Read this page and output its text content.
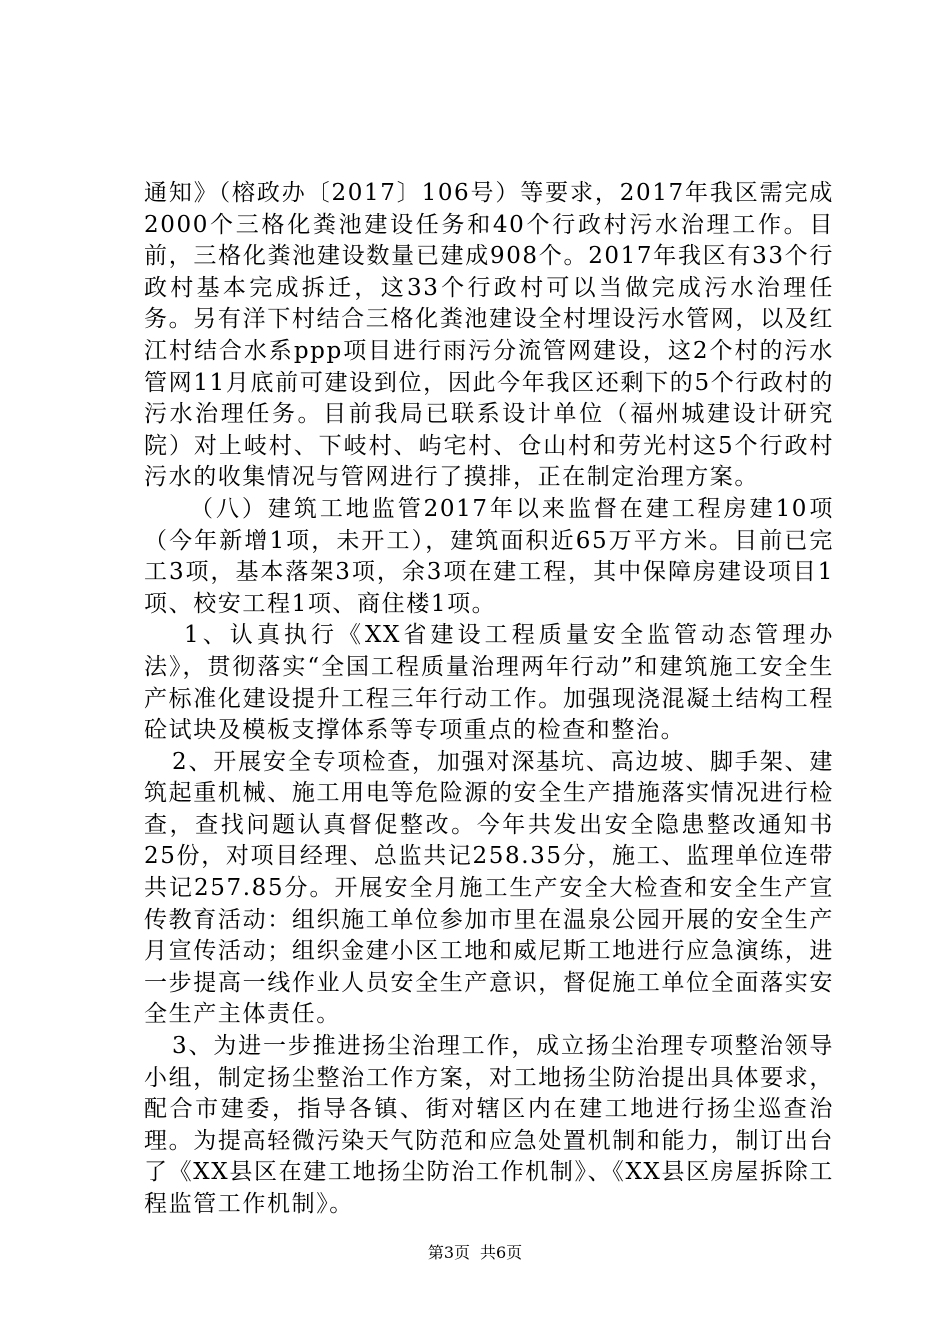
通知》（榕政办〔2017〕106号）等要求，2017年我区需完成2000个三格化粪池建设任务和40个行政村污水治理工作。目前，三格化粪池建设数量已建成908个。2017年我区有33个行政村基本完成拆迁，这33个行政村可以当做完成污水治理任务。另有洋下村结合三格化粪池建设全村埋设污水管网，以及红江村结合水系ppp项目进行雨污分流管网建设，这2个村的污水管网11月底前可建设到位，因此今年我区还剩下的5个行政村的污水治理任务。目前我局已联系设计单位（福州城建设计研究院）对上岐村、下岐村、屿宅村、仓山村和劳光村这5个行政村污水的收集情况与管网进行了摸排，正在制定治理方案。

（八）建筑工地监管2017年以来监督在建工程房建10项（今年新增1项，未开工），建筑面积近65万平方米。目前已完工3项，基本落架3项，余3项在建工程，其中保障房建设项目1项、校安工程1项、商住楼1项。

1、认真执行《XX省建设工程质量安全监管动态管理办法》，贯彻落实“全国工程质量治理两年行动”和建筑施工安全生产标准化建设提升工程三年行动工作。加强现浇混凝土结构工程砼试块及模板支撑体系等专项重点的检查和整治。

2、开展安全专项检查，加强对深基坑、高边坡、脚手架、建筑起重机械、施工用电等危险源的安全生产措施落实情况进行检查，查找问题认真督促整改。今年共发出安全隐患整改通知书25份，对项目经理、总监共记258.35分，施工、监理单位连带共记257.85分。开展安全月施工生产安全大检查和安全生产宣传教育活动：组织施工单位参加市里在温泉公园开展的安全生产月宣传活动；组织金建小区工地和威尼斯工地进行应急演练，进一步提高一线作业人员安全生产意识，督促施工单位全面落实安全生产主体责任。

3、为进一步推进扬尘治理工作，成立扬尘治理专项整治领导小组，制定扬尘整治工作方案，对工地扬尘防治提出具体要求，配合市建委，指导各镇、街对辖区内在建工地进行扬尘巡查治理。为提高轻微污染天气防范和应急处置机制和能力，制订出台了《XX县区在建工地扬尘防治工作机制》、《XX县区房屋拆除工程监管工作机制》。

第3页 共6页
